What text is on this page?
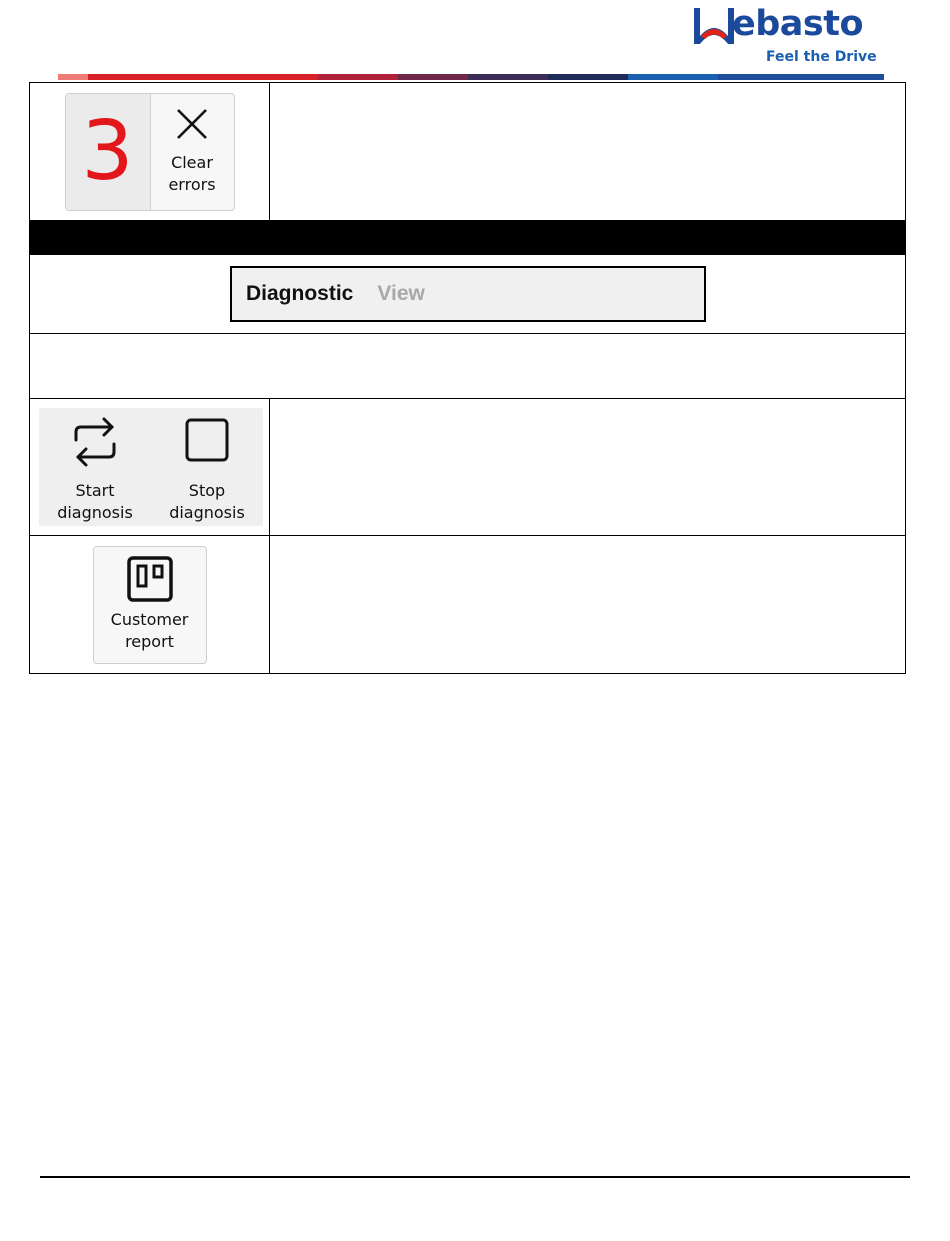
ebasto
Feel the Drive
3 Clear
errors	

Diagnostic View	

Start
diagnosis
Stop
diagnosis	

Customer
report	
